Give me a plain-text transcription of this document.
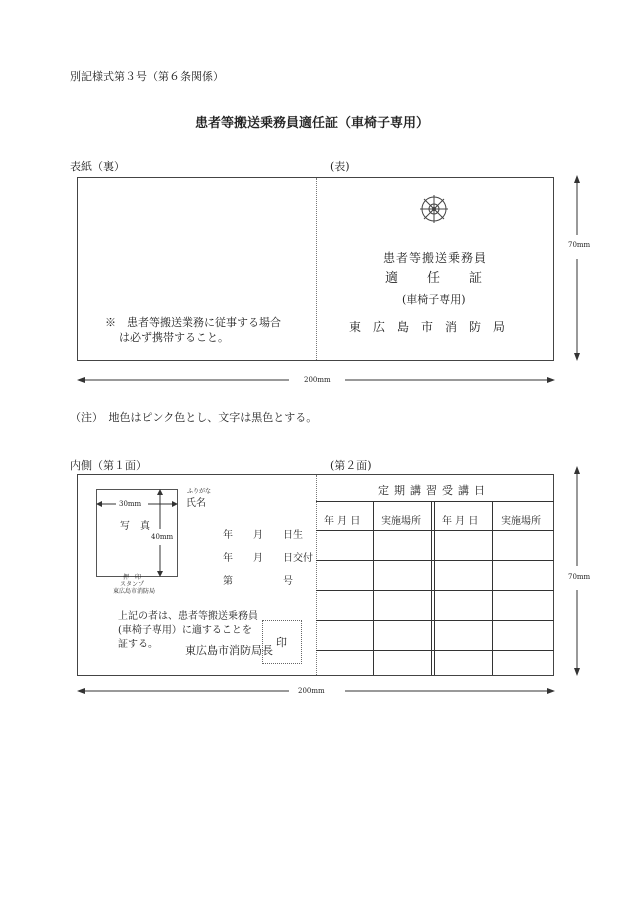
別記様式第３号（第６条関係）
患者等搬送乗務員適任証（車椅子専用）
表紙（裏）	(表)
※　患者等搬送業務に従事する場合
は必ず携帯すること。
患者等搬送乗務員
適　任　証
(車椅子専用)
東　広　島　市　消　防　局
70mm
200mm
（注）　地色はピンク色とし、文字は黒色とする。
内側（第１面）	(第２面)
30mm
写　真
40mm
押　印
スタンプ
東広島市消防局
ふりがな
氏名
年　　月　　日生
年　　月　　日交付
第　　　　　号
上記の者は、患者等搬送乗務員
(車椅子専用）に適することを
証する。 東広島市消防局長
印
定期講習受講日
年 月 日 実施場所 年 月 日 実施場所
70mm
200mm
